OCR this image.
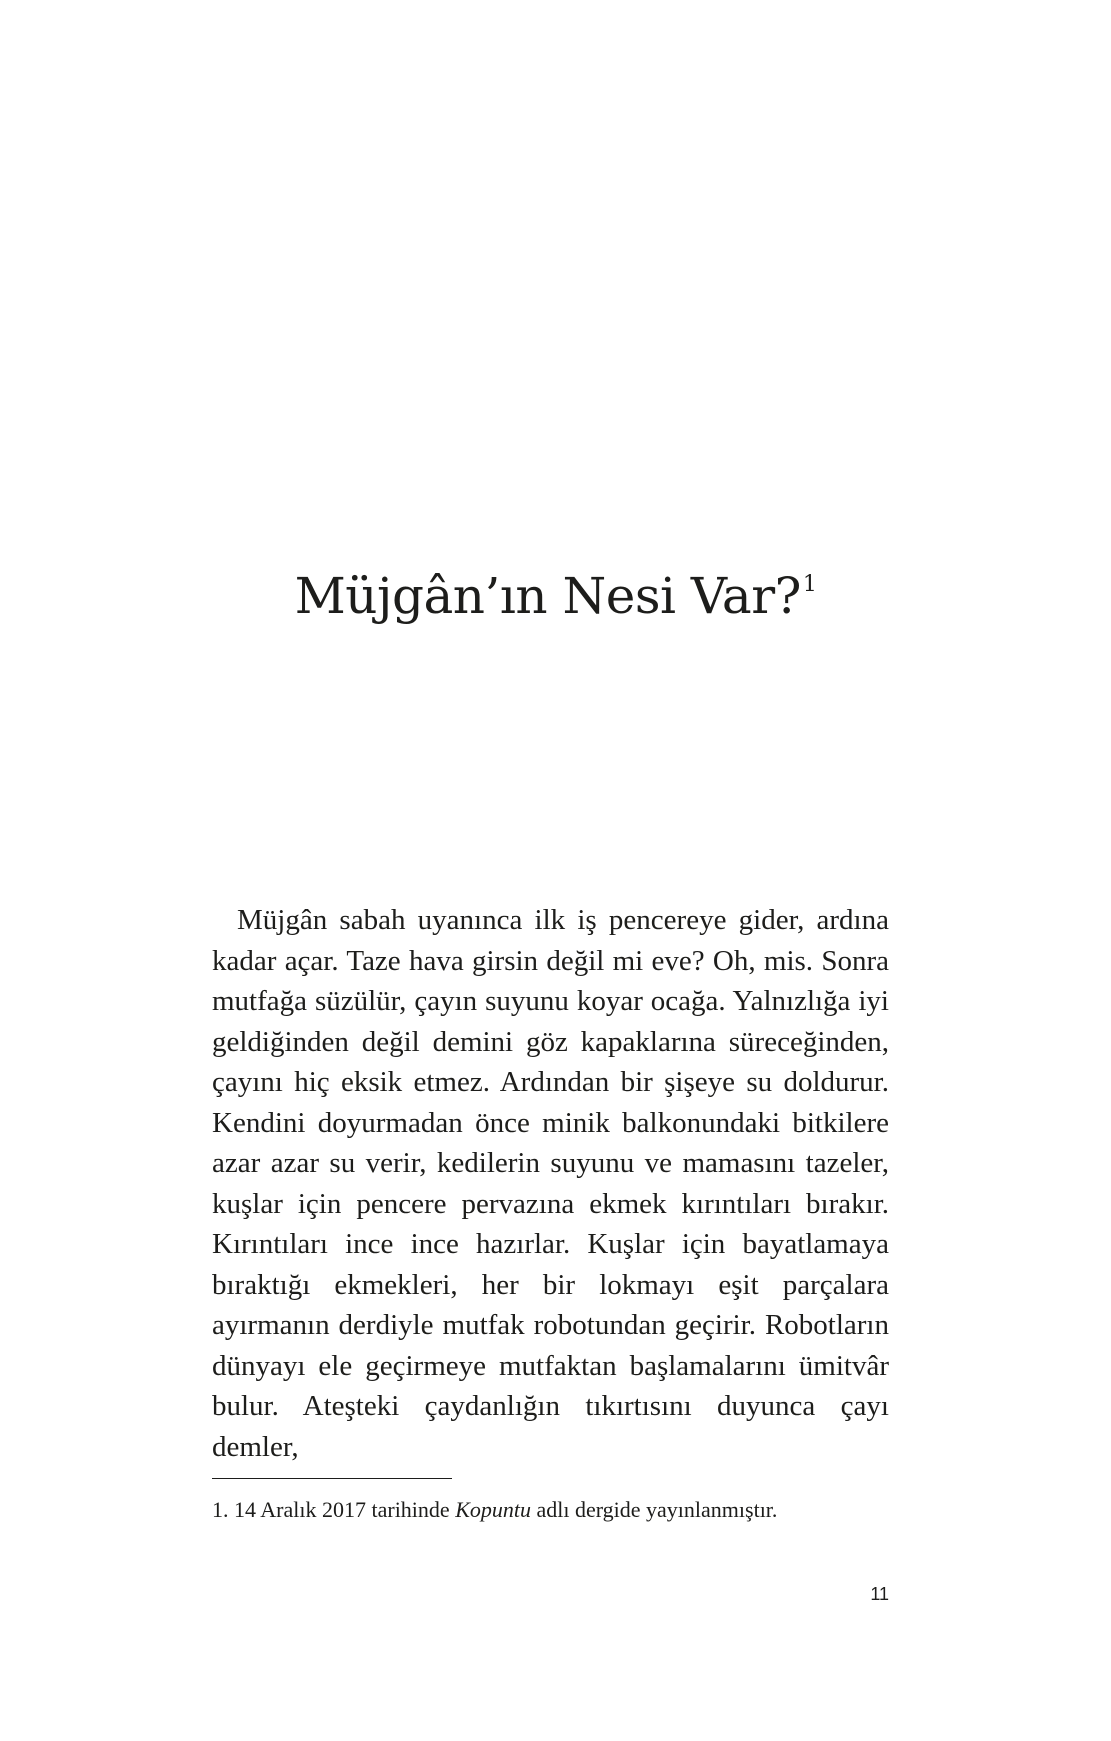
Müjgân’ın Nesi Var?$^1$

Müjgân sabah uyanınca ilk iş pencereye gider, ardına kadar açar. Taze hava girsin değil mi eve? Oh, mis. Sonra mutfağa süzülür, çayın suyunu koyar ocağa. Yalnızlığa iyi geldiğinden değil demini göz kapaklarına süreceğinden, çayını hiç eksik etmez. Ardından bir şişeye su doldurur. Kendini doyurmadan önce minik balkonundaki bitkilere azar azar su verir, kedilerin suyunu ve mamasını tazeler, kuşlar için pencere pervazına ekmek kırıntıları bırakır. Kırıntıları ince ince hazırlar. Kuşlar için bayatlamaya bıraktığı ekmekleri, her bir lokmayı eşit parçalara ayırmanın derdiyle mutfak robotundan geçirir. Robotların dünyayı ele geçirmeye mutfaktan başlamalarını ümitvâr bulur. Ateşteki çaydanlığın tıkırtısını duyunca çayı demler,

1. 14 Aralık 2017 tarihinde Kopuntu adlı dergide yayınlanmıştır.

11
